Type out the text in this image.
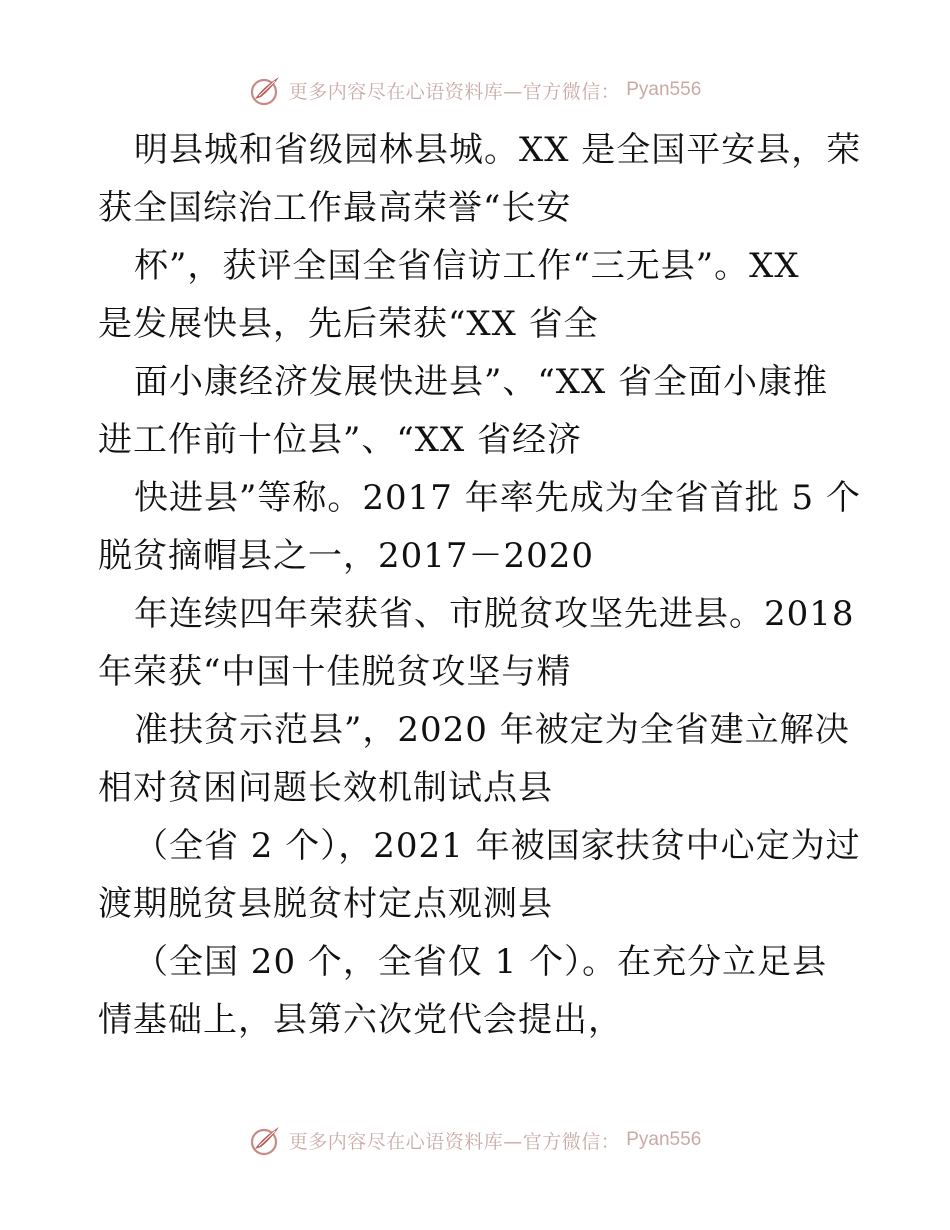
更多内容尽在心语资料库—官方微信： Pyan556
明县城和省级园林县城。XX 是全国平安县，荣
获全国综治工作最高荣誉“长安
杯”，获评全国全省信访工作“三无县”。XX
是发展快县，先后荣获“XX 省全
面小康经济发展快进县”、“XX 省全面小康推
进工作前十位县”、“XX 省经济
快进县”等称。2017 年率先成为全省首批 5 个
脱贫摘帽县之一，2017－2020
年连续四年荣获省、市脱贫攻坚先进县。2018
年荣获“中国十佳脱贫攻坚与精
准扶贫示范县”，2020 年被定为全省建立解决
相对贫困问题长效机制试点县
（全省 2 个），2021 年被国家扶贫中心定为过
渡期脱贫县脱贫村定点观测县
（全国 20 个，全省仅 1 个）。在充分立足县
情基础上，县第六次党代会提出，
更多内容尽在心语资料库—官方微信： Pyan556
